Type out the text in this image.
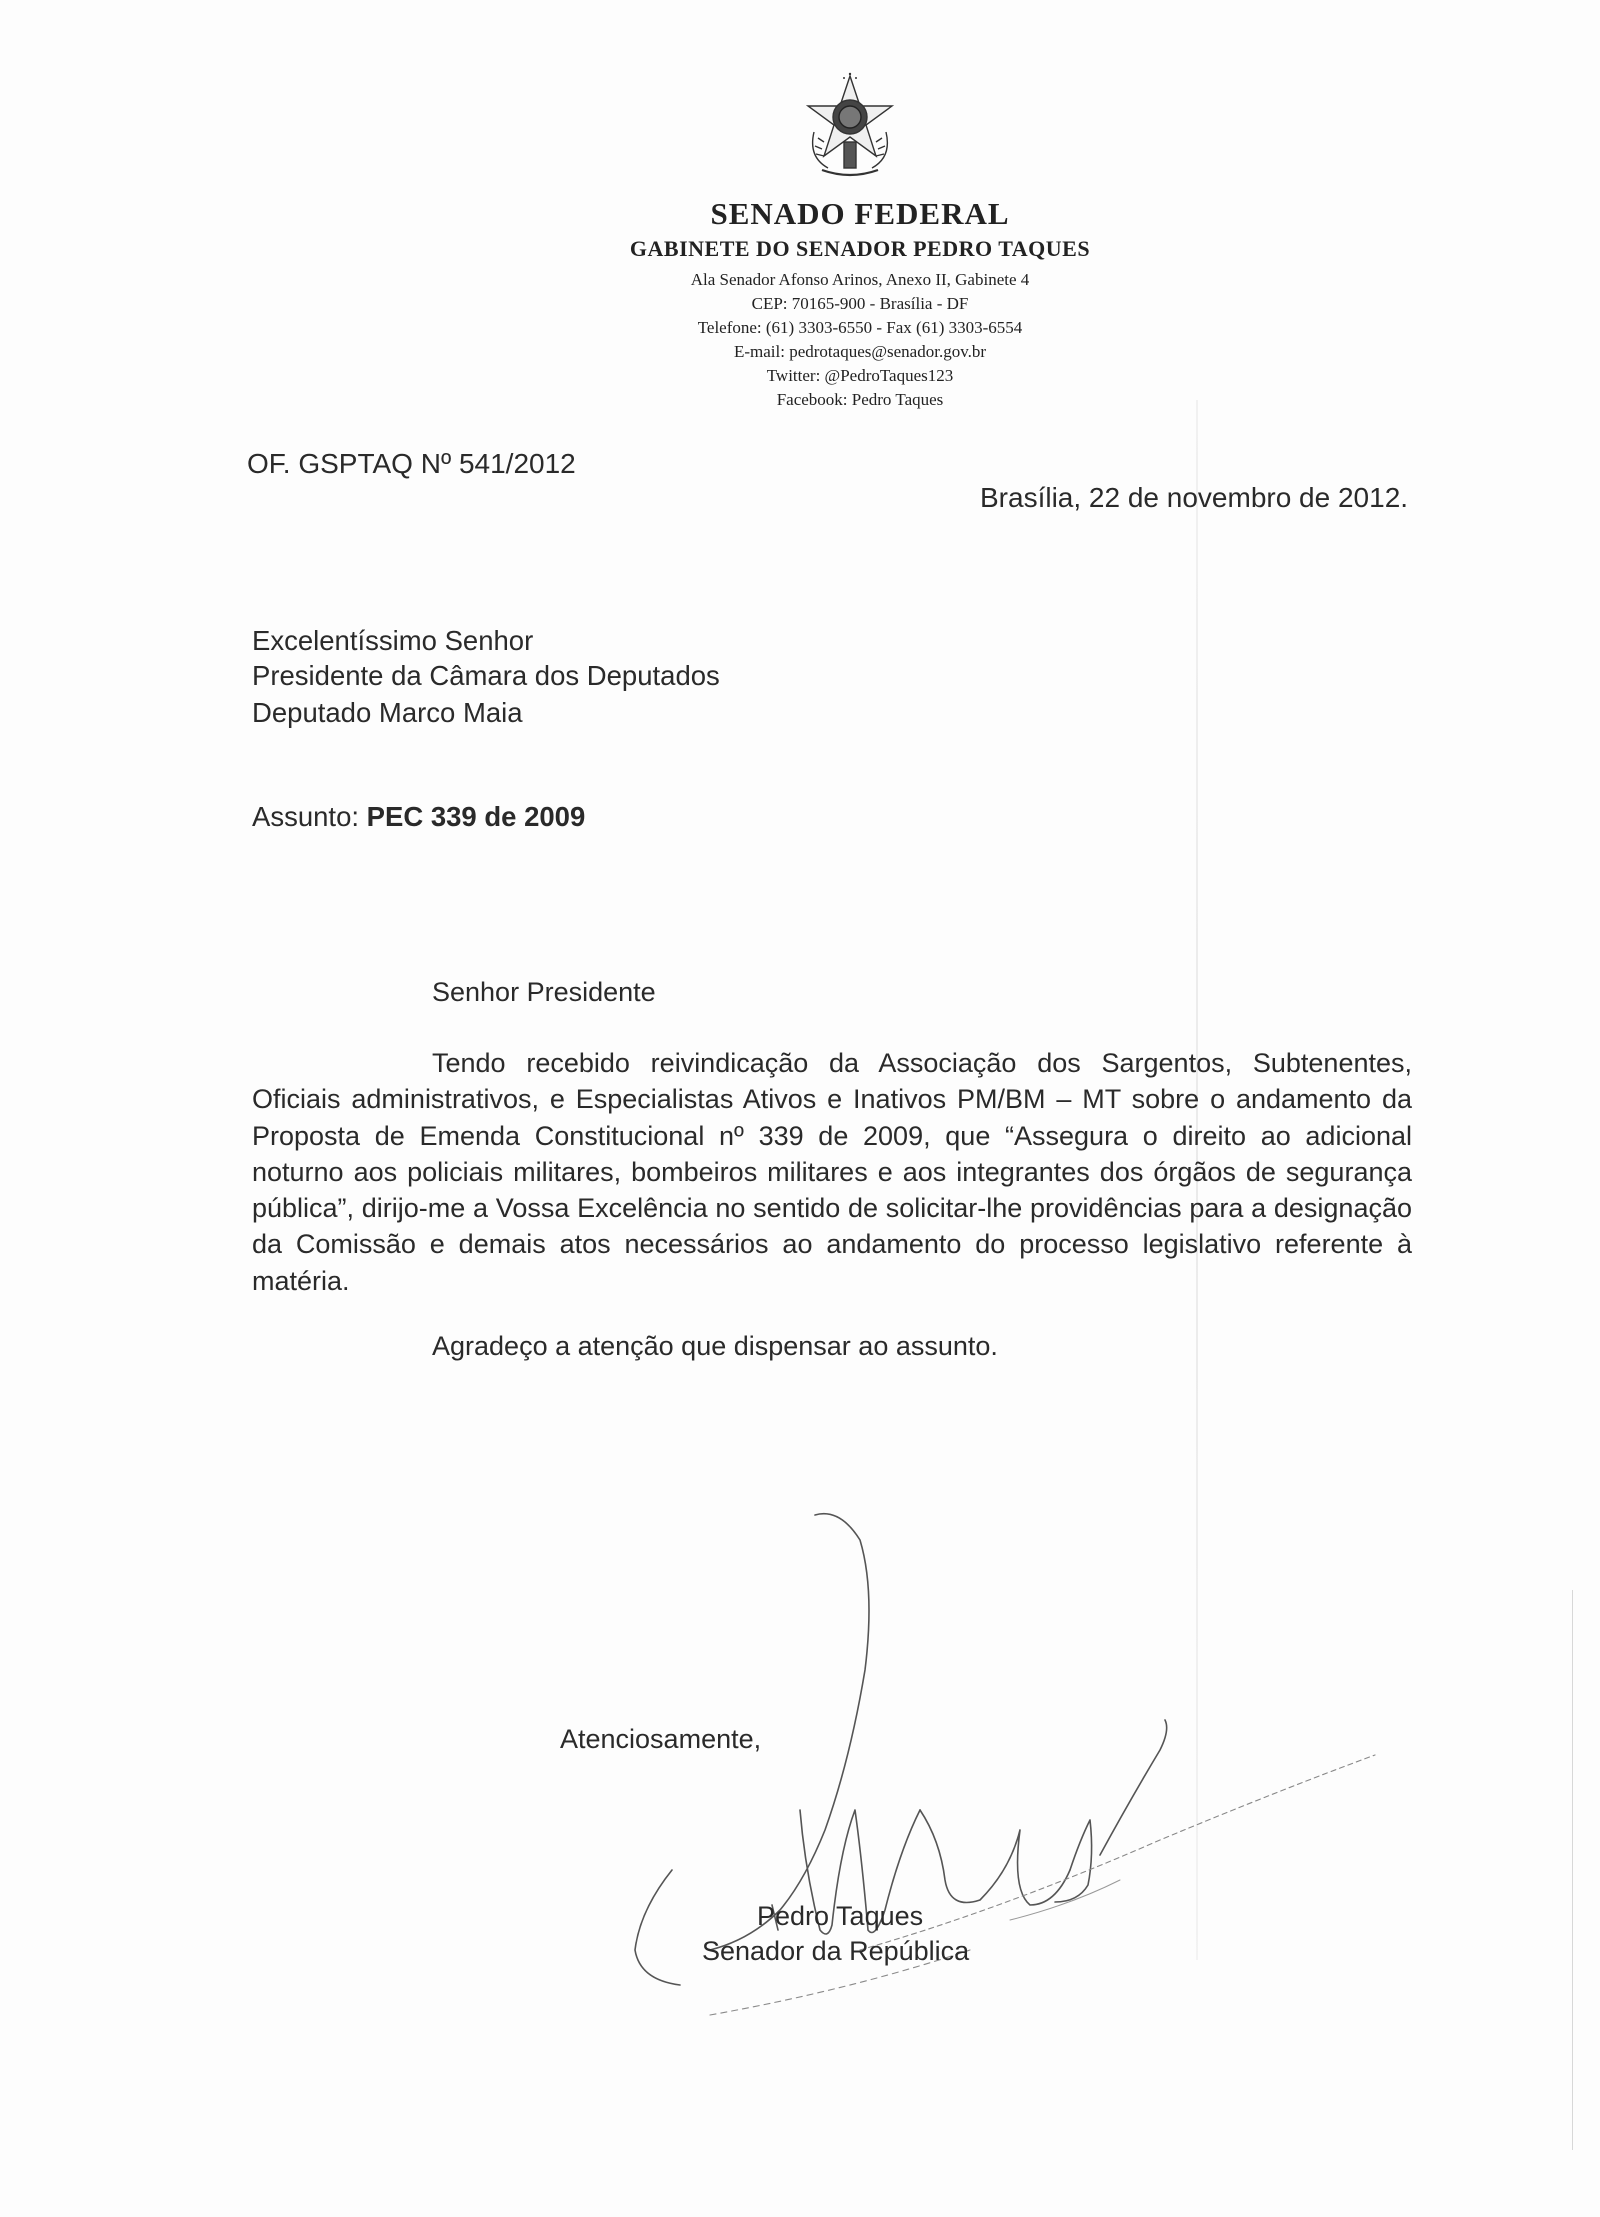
SENADO FEDERAL
GABINETE DO SENADOR PEDRO TAQUES
Ala Senador Afonso Arinos, Anexo II, Gabinete 4
CEP: 70165-900 - Brasília - DF
Telefone: (61) 3303-6550 - Fax (61) 3303-6554
E-mail: pedrotaques@senador.gov.br
Twitter: @PedroTaques123
Facebook: Pedro Taques
OF. GSPTAQ Nº 541/2012
Brasília, 22 de novembro de 2012.
Excelentíssimo Senhor
Presidente da Câmara dos Deputados
Deputado Marco Maia
Assunto: PEC 339 de 2009
Senhor Presidente
Tendo recebido reivindicação da Associação dos Sargentos, Subtenentes, Oficiais administrativos, e Especialistas Ativos e Inativos PM/BM – MT sobre o andamento da Proposta de Emenda Constitucional nº 339 de 2009, que “Assegura o direito ao adicional noturno aos policiais militares, bombeiros militares e aos integrantes dos órgãos de segurança pública”, dirijo-me a Vossa Excelência no sentido de solicitar-lhe providências para a designação da Comissão e demais atos necessários ao andamento do processo legislativo referente à matéria.
Agradeço a atenção que dispensar ao assunto.
Atenciosamente,
Pedro Taques
Senador da República
